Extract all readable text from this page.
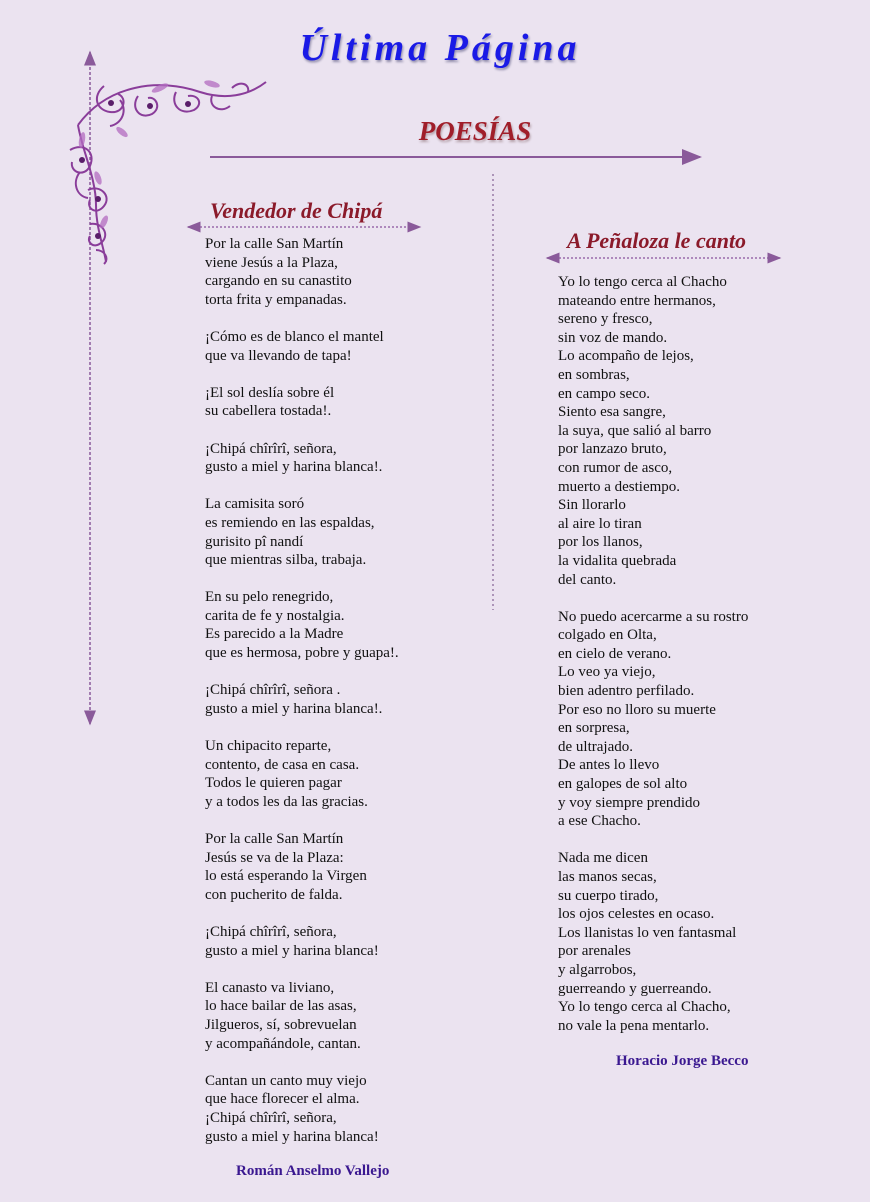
Última Página
POESÍAS
Vendedor de Chipá
Por la calle San Martín
viene Jesús a la Plaza,
cargando en su canastito
torta frita y empanadas.
¡Cómo es de blanco el mantel
que va llevando de tapa!
¡El sol deslía sobre él
su cabellera tostada!.
¡Chipá chîrîrî, señora,
gusto a miel y harina blanca!.
La camisita soró
es remiendo en las espaldas,
gurisito pî nandí
que mientras silba, trabaja.
En su pelo renegrido,
carita de fe y nostalgia.
Es parecido a la Madre
que es hermosa, pobre y guapa!.
¡Chipá chîrîrî, señora .
gusto a miel y harina blanca!.
Un chipacito reparte,
contento, de casa en casa.
Todos le quieren pagar
y a todos les da las gracias.
Por la calle San Martín
Jesús se va de la Plaza:
lo está esperando la Virgen
con pucherito de falda.
¡Chipá chîrîrî, señora,
gusto a miel y harina blanca!
El canasto va liviano,
lo hace bailar de las asas,
Jilgueros, sí, sobrevuelan
y acompañándole, cantan.
Cantan un canto muy viejo
que hace florecer el alma.
¡Chipá chîrîrî, señora,
gusto a miel y harina blanca!
Román Anselmo Vallejo
A Peñaloza le canto
Yo lo tengo cerca al Chacho
mateando entre hermanos,
sereno y fresco,
sin voz de mando.
Lo acompaño de lejos,
en sombras,
en campo seco.
Siento esa sangre,
la suya, que salió al barro
por lanzazo bruto,
con rumor de asco,
muerto a destiempo.
Sin llorarlo
al aire lo tiran
por los llanos,
la vidalita quebrada
del canto.
No puedo acercarme a su rostro
colgado en Olta,
en cielo de verano.
Lo veo ya viejo,
bien adentro perfilado.
Por eso no lloro su muerte
en sorpresa,
de ultrajado.
De antes lo llevo
en galopes de sol alto
y voy siempre prendido
a ese Chacho.
Nada me dicen
las manos secas,
su cuerpo tirado,
los ojos celestes en ocaso.
Los llanistas lo ven fantasmal
por arenales
y algarrobos,
guerreando y guerreando.
Yo lo tengo cerca al Chacho,
no vale la pena mentarlo.
Horacio Jorge Becco
